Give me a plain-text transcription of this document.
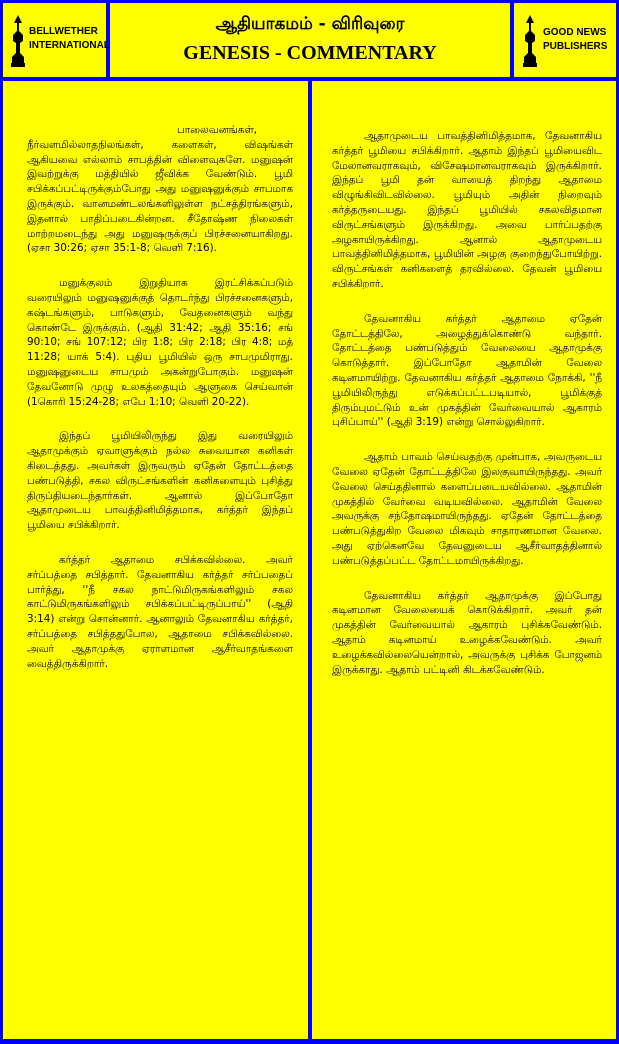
BELLWETHER
INTERNATIONAL
ஆதியாகமம் - விரிவுரை
GENESIS - COMMENTARY
GOOD NEWS
PUBLISHERS

பாலைவனங்கள், நீர்வளமில்லாதநிலங்கள், களைகள், விஷங்கள் ஆகியவை எல்லாம் சாபத்தின் விளைவுகளே. மனுஷன் இவற்றுக்கு மத்தியில் ஜீவிக்க வேண்டும். பூமி சபிக்கப்பட்டிருக்கும்போது அது மனுஷனுக்கும் சாபமாக இருக்கும். வானமண்டலங்களிலுள்ள நட்சத்திரங்களும், இதனால் பாதிப்படைகின்றன. சீதோஷ்ண நிலைகள் மாற்றமடைந்து அது மனுஷருக்குப் பிரச்சனையாகிறது. (ஏசா 30:26; ஏசா 35:1-8; வெளி 7:16).

மனுக்குலம் இறுதியாக இரட்சிக்கப்படும் வரையிலும் மனுஷனுக்குத் தொடர்ந்து பிரச்சனைகளும், கஷ்டங்களும், பாடுகளும், வேதனைகளும் வந்து கொண்டே இருக்கும். (ஆதி 31:42; ஆதி 35:16; சங் 90:10; சங் 107:12; பிர 1:8; பிர 2:18; பிர 4:8; மத் 11:28; யாக் 5:4). புதிய பூமியில் ஒரு சாபமுமிராது. மனுஷனுடைய சாபமும் அகன்றுபோகும். மனுஷன் தேவனோடு முழு உலகத்தையும் ஆளுகை செய்வான் (1கொரி 15:24-28; எபே 1:10; வெளி 20-22).

இந்தப் பூமியிலிருந்து இது வரையிலும் ஆதாமுக்கும் ஏவாளுக்கும் நல்ல சுவையான கனிகள் கிடைத்தது. அவர்கள் இருவரும் ஏதேன் தோட்டத்தை பண்படுத்தி, சகல விருட்சங்களின் கனிகளையும் புசித்து திருப்தியடைந்தார்கள். ஆனால் இப்போதோ ஆதாமுடைய பாவத்தினிமித்தமாக, கர்த்தர் இந்தப் பூமியை சபிக்கிறார்.

கர்த்தர் ஆதாமை சபிக்கவில்லை. அவர் சர்ப்பத்தை சபித்தார். தேவனாகிய கர்த்தர் சர்ப்பதைப் பார்த்து, ''நீ சகல நாட்டுமிருகங்களிலும் சகல காட்டுமிருகங்களிலும் சபிக்கப்பட்டிருப்பாய்'' (ஆதி 3:14) என்று சொன்னார். ஆனாலும் தேவனாகிய கர்த்தர், சர்ப்பத்தை சபித்ததுபோல, ஆதாமை சபிக்கவில்லை. அவர் ஆதாமுக்கு ஏராளமான ஆசீர்வாதங்களை வைத்திருக்கிறார்.

ஆதாமுடைய பாவத்தினிமித்தமாக, தேவனாகிய கர்த்தர் பூமியை சபிக்கிறார். ஆதாம் இந்தப் பூமியைவிட மேலானவராகவும், விசேஷமானவராகவும் இருக்கிறார். இந்தப் பூமி தன் வாயைத் திறந்து ஆதாமை விழுங்கிவிடவில்லை. பூமியும் அதின் நிறைவும் கர்த்தருடையது. இந்தப் பூமியில் சகலவிதமான விருட்சங்களும் இருக்கிறது. அவை பார்ப்பதற்கு அழகாயிருக்கிறது. ஆனால் ஆதாமுடைய பாவத்தினிமித்தமாக, பூமியின் அழகு குறைந்துபோயிற்று. விருட்சங்கள் கனிகளைத் தரவில்லை. தேவன் பூமியை சபிக்கிறார்.

தேவனாகிய கர்த்தர் ஆதாமை ஏதேன் தோட்டத்திலே, அழைத்துக்கொண்டு வந்தார். தோட்டத்தை பண்படுத்தும் வேலையை ஆதாமுக்கு கொடுத்தார். இப்போதோ ஆதாமின் வேலை கடினமாயிற்று. தேவனாகிய கர்த்தர் ஆதாமை நோக்கி, ''நீ பூமியிலிருந்து எடுக்கப்பட்டபடியால், பூமிக்குத் திரும்புமட்டும் உன் முகத்தின் வேர்வையால் ஆகாரம் புசிப்பாய்'' (ஆதி 3:19) என்று சொல்லுகிறார்.

ஆதாம் பாவம் செய்வதற்கு முன்பாக, அவருடைய வேலை ஏதேன் தோட்டத்திலே இலகுவாயிருந்தது. அவர் வேலை செய்ததினால் களைப்படையவில்லை. ஆதாமின் முகத்தில் வேர்வை வடியவில்லை. ஆதாமின் வேலை அவருக்கு சந்தோஷமாயிருந்தது. ஏதேன் தோட்டத்தை பண்படுத்துகிற வேலை மிகவும் சாதாரணமான வேலை. அது ஏற்கெனவே தேவனுடைய ஆசீர்வாதத்தினால் பண்படுத்தப்பட்ட தோட்டமாயிருக்கிறது.

தேவனாகிய கர்த்தர் ஆதாமுக்கு இப்போது கடினமான வேலையைக் கொடுக்கிறார். அவர் தன் முகத்தின் வேர்வையால் ஆகாரம் புசிக்கவேண்டும். ஆதாம் கடினமாய் உழைக்கவேண்டும். அவர் உழைக்கவில்லையென்றால், அவருக்கு புசிக்க போஜனம் இருக்காது. ஆதாம் பட்டினி கிடக்கவேண்டும்.
